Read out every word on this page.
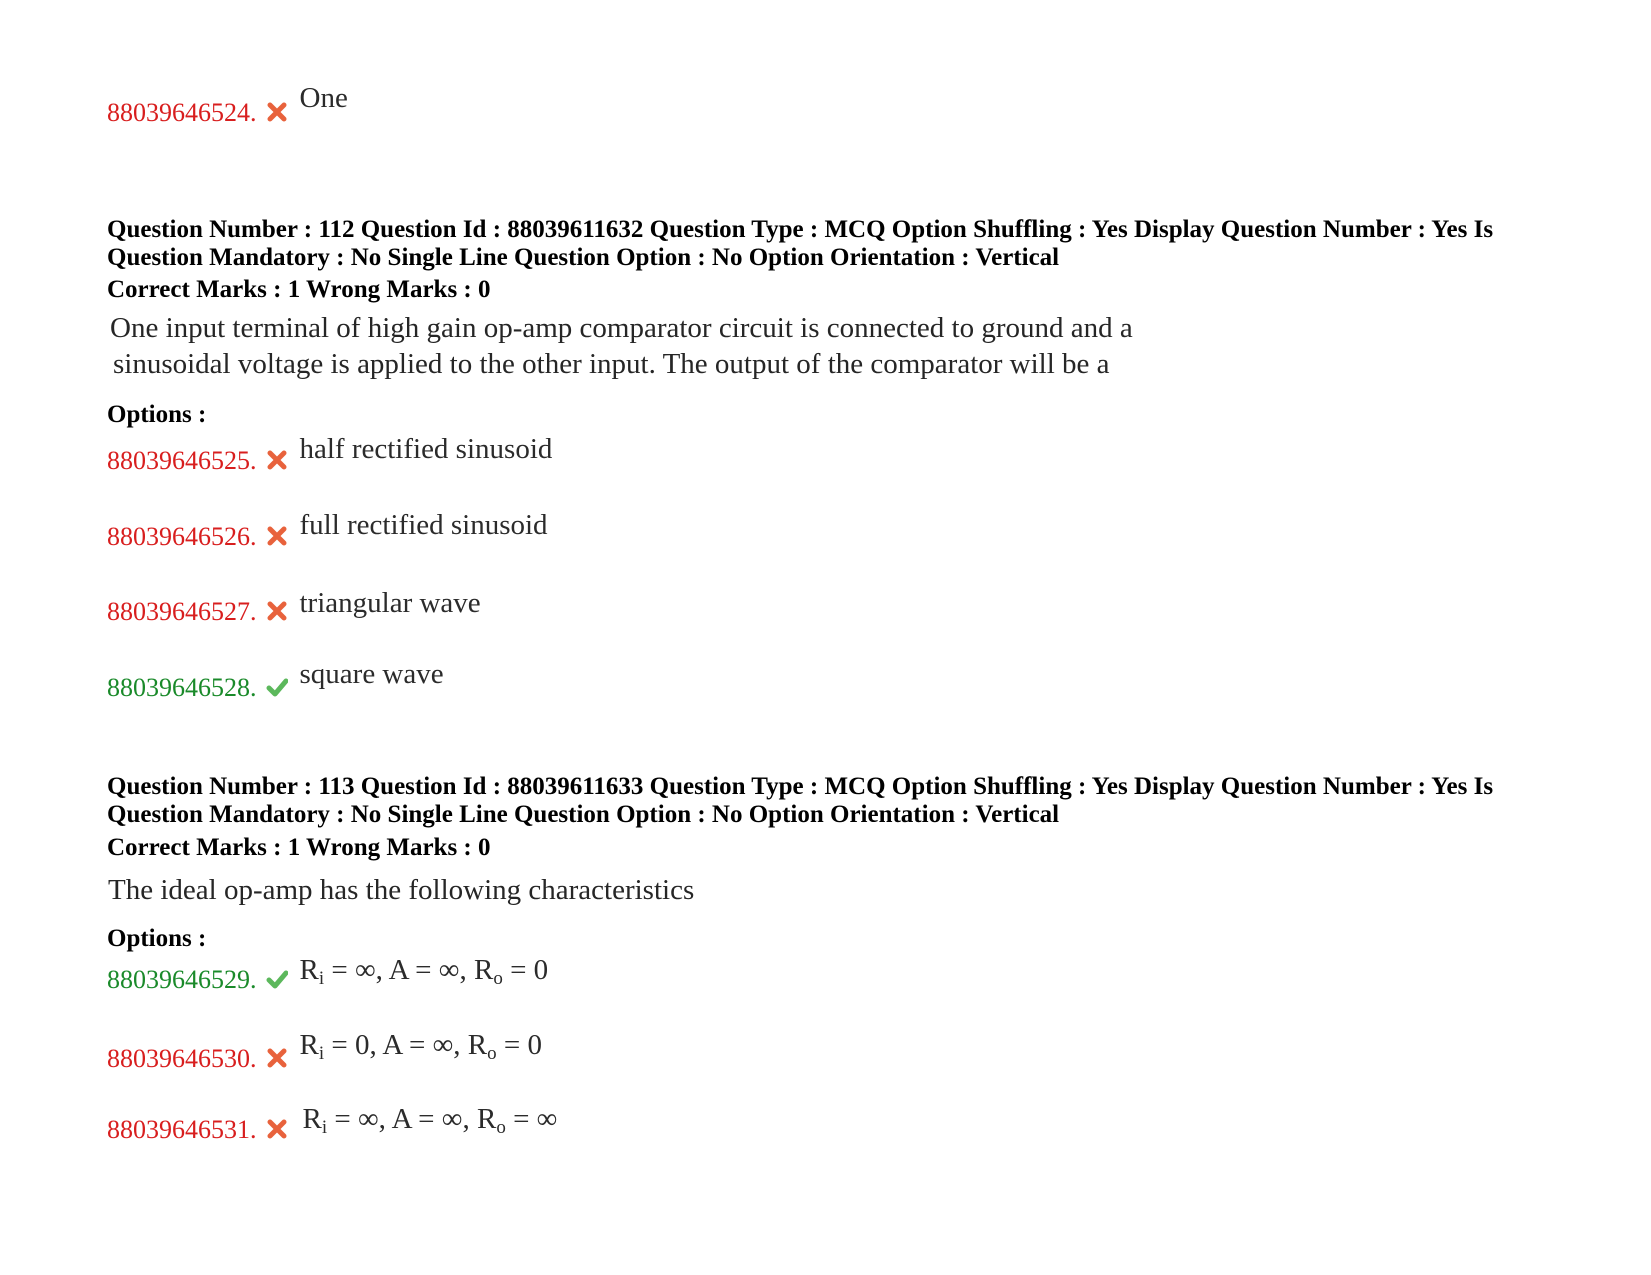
88039646524. One
Question Number : 112 Question Id : 88039611632 Question Type : MCQ Option Shuffling : Yes Display Question Number : Yes Is
Question Mandatory : No Single Line Question Option : No Option Orientation : Vertical
Correct Marks : 1 Wrong Marks : 0
One input terminal of high gain op-amp comparator circuit is connected to ground and a
sinusoidal voltage is applied to the other input. The output of the comparator will be a
Options :
88039646525. half rectified sinusoid
88039646526. full rectified sinusoid
88039646527. triangular wave
88039646528. square wave
Question Number : 113 Question Id : 88039611633 Question Type : MCQ Option Shuffling : Yes Display Question Number : Yes Is
Question Mandatory : No Single Line Question Option : No Option Orientation : Vertical
Correct Marks : 1 Wrong Marks : 0
The ideal op-amp has the following characteristics
Options :
88039646529. $R_i$ = ∞, A = ∞, $R_o = 0$
88039646530. $R_i = 0$, A = ∞, $R_o = 0$
88039646531. $R_i$ = ∞, A = ∞, $R_o$ = ∞
